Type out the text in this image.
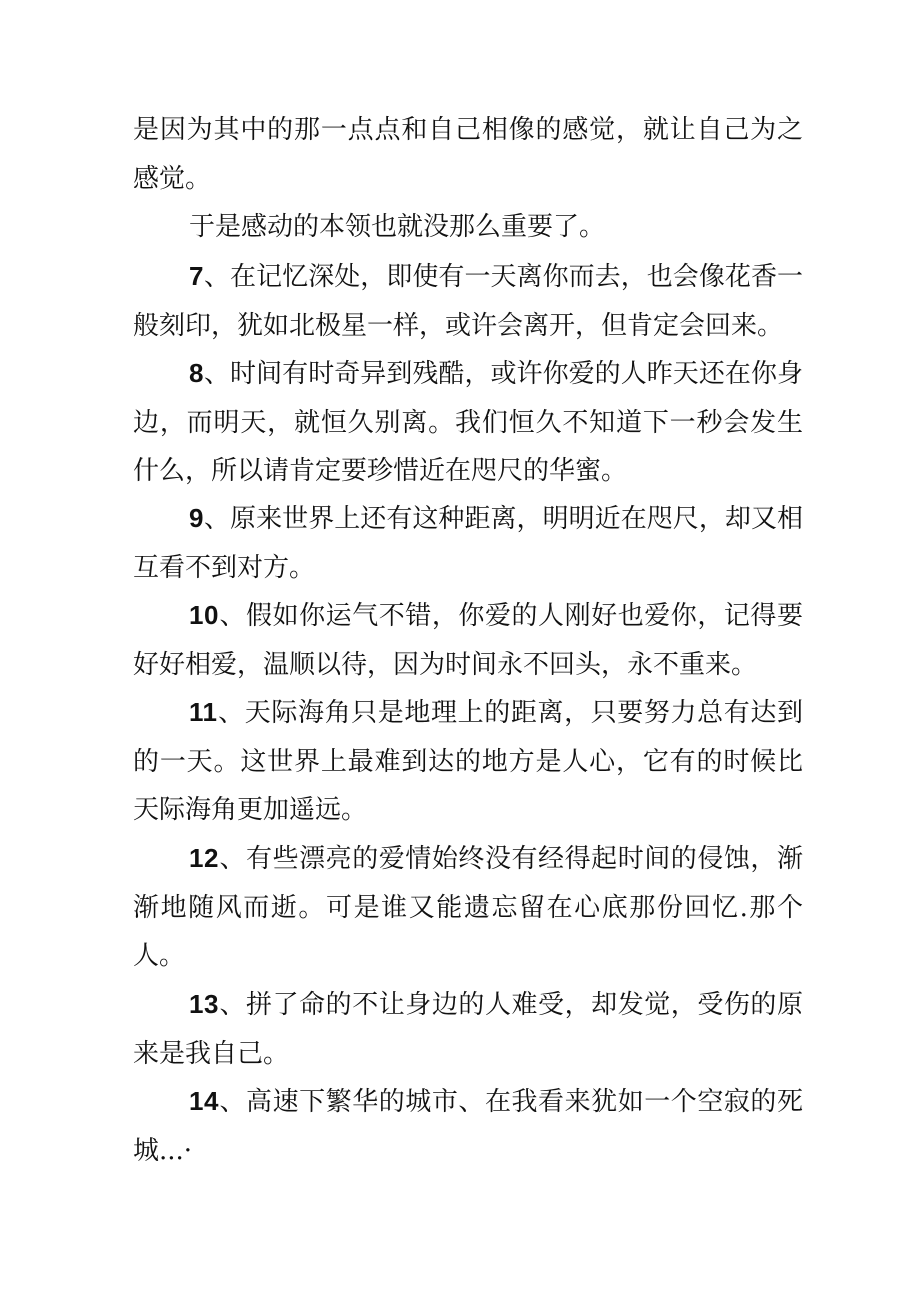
是因为其中的那一点点和自己相像的感觉，就让自己为之感觉。

于是感动的本领也就没那么重要了。

7、在记忆深处，即使有一天离你而去，也会像花香一般刻印，犹如北极星一样，或许会离开，但肯定会回来。

8、时间有时奇异到残酷，或许你爱的人昨天还在你身边，而明天，就恒久别离。我们恒久不知道下一秒会发生什么，所以请肯定要珍惜近在咫尺的华蜜。

9、原来世界上还有这种距离，明明近在咫尺，却又相互看不到对方。

10、假如你运气不错，你爱的人刚好也爱你，记得要好好相爱，温顺以待，因为时间永不回头，永不重来。

11、天际海角只是地理上的距离，只要努力总有达到的一天。这世界上最难到达的地方是人心，它有的时候比天际海角更加遥远。

12、有些漂亮的爱情始终没有经得起时间的侵蚀，渐渐地随风而逝。可是谁又能遗忘留在心底那份回忆.那个人。

13、拼了命的不让身边的人难受，却发觉，受伤的原来是我自己。

14、高速下繁华的城市、在我看来犹如一个空寂的死城...·
